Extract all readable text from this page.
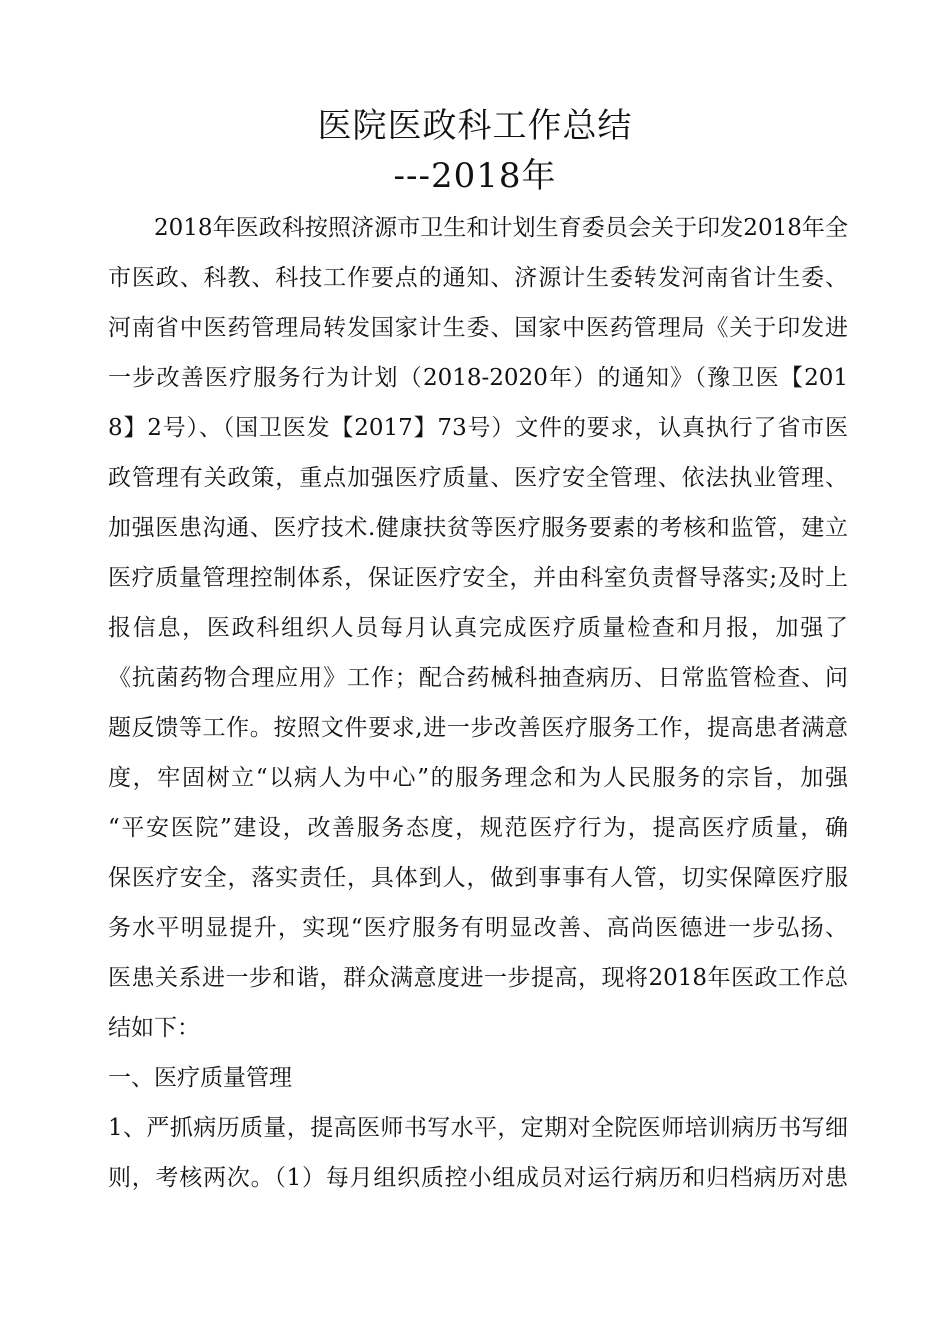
医院医政科工作总结
---2018年
2018年医政科按照济源市卫生和计划生育委员会关于印发2018年全
市医政、科教、科技工作要点的通知、济源计生委转发河南省计生委、
河南省中医药管理局转发国家计生委、国家中医药管理局《关于印发进
一步改善医疗服务行为计划（2018-2020年）的通知》（豫卫医【201
8】2号）、（国卫医发【2017】73号）文件的要求，认真执行了省市医
政管理有关政策，重点加强医疗质量、医疗安全管理、依法执业管理、
加强医患沟通、医疗技术.健康扶贫等医疗服务要素的考核和监管，建立
医疗质量管理控制体系，保证医疗安全，并由科室负责督导落实;及时上
报信息，医政科组织人员每月认真完成医疗质量检查和月报，加强了
《抗菌药物合理应用》工作；配合药械科抽查病历、日常监管检查、问
题反馈等工作。按照文件要求,进一步改善医疗服务工作，提高患者满意
度，牢固树立“以病人为中心”的服务理念和为人民服务的宗旨，加强
“平安医院”建设，改善服务态度，规范医疗行为，提高医疗质量，确
保医疗安全，落实责任，具体到人，做到事事有人管，切实保障医疗服
务水平明显提升，实现“医疗服务有明显改善、高尚医德进一步弘扬、
医患关系进一步和谐，群众满意度进一步提高，现将2018年医政工作总
结如下：
一、医疗质量管理
1、严抓病历质量，提高医师书写水平，定期对全院医师培训病历书写细
则，考核两次。（1）每月组织质控小组成员对运行病历和归档病历对患
